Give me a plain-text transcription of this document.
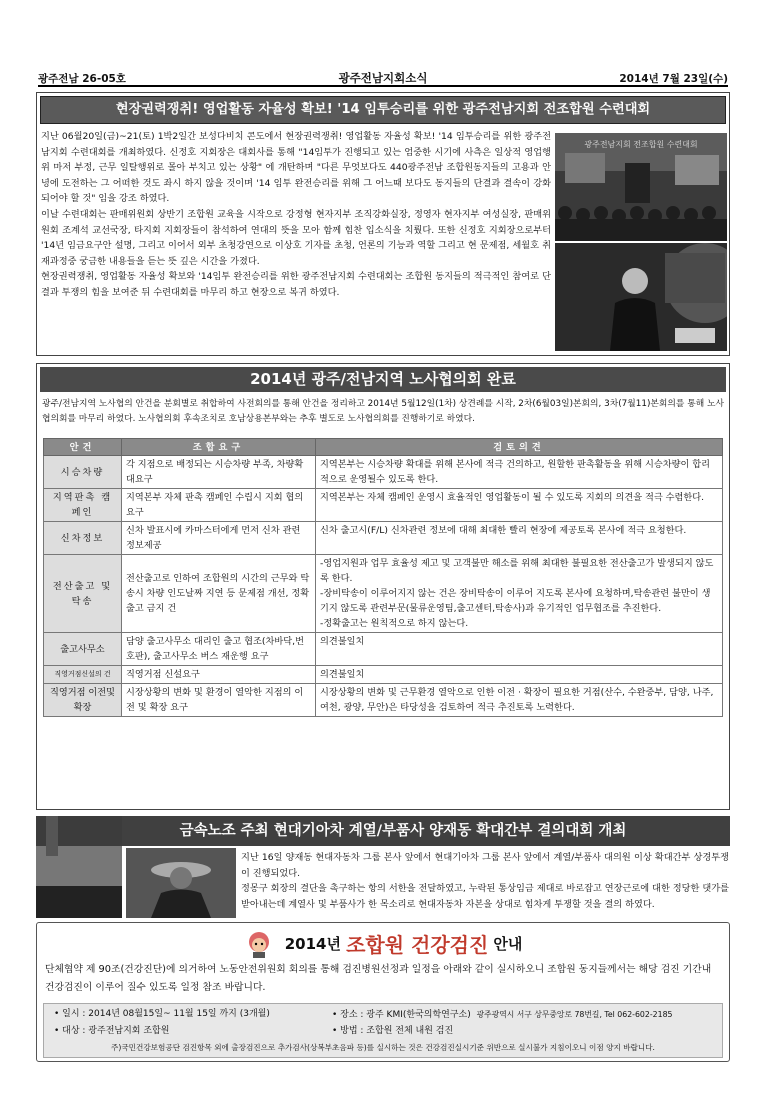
광주전남 26-05호	광주전남지회소식	2014년 7월 23일(수)
현장권력쟁취! 영업활동 자율성 확보! '14 임투승리를 위한 광주전남지회 전조합원 수련대회

지난 06월20일(금)~21(토) 1박2일간 보성다비치 콘도에서 현장권력쟁취! 영업활동 자율성 확보! '14 임투승리를 위한 광주전남지회 수련대회를 개최하였다. 신정호 지회장은 대회사를 통해 "14임투가 진행되고 있는 엄중한 시기에 사측은 일상적 영업행위 마저 부정, 근무 일탈행위로 몰아 부치고 있는 상황" 에 개탄하며 "다른 무엇보다도 440광주전남 조합원동지들의 고용과 안녕에 도전하는 그 어떠한 것도 좌시 하지 않을 것이며 '14 임투 완전승리를 위해 그 어느때 보다도 동지들의 단결과 결속이 강화 되어야 할 것" 임을 강조 하였다.

이날 수련대회는 판매위원회 상반기 조합원 교육을 시작으로 강정형 현자지부 조직강화실장, 정영자 현자지부 여성실장, 판매위원회 조계석 교선국장, 타지회 지회장들이 참석하여 연대의 뜻을 모아 함께 힘찬 입소식을 치뤘다. 또한 신정호 지회장으로부터 '14년 임금요구안 설명, 그리고 이어서 외부 초청강연으로 이상호 기자를 초청, 언론의 기능과 역할 그리고 현 문제점, 세월호 취재과정중 궁금한 내용들을 듣는 뜻 깊은 시간을 가졌다.

현장권력쟁취, 영업활동 자율성 확보와 '14임투 완전승리를 위한 광주전남지회 수련대회는 조합원 동지들의 적극적인 참여로 단결과 투쟁의 힘을 보여준 뒤 수련대회를 마무리 하고 현장으로 복귀 하였다.

광주전남지회 전조합원 수련대회
2014년 광주/전남지역 노사협의회 완료
광주/전남지역 노사협의 안건을 분회별로 취합하여 사전회의를 통해 안건을 정리하고 2014년 5월12일(1차) 상견례를 시작, 2차(6월03일)본회의, 3차(7월11)본회의를 통해 노사협의회를 마무리 하였다. 노사협의회 후속조치로 호남상용본부와는 추후 별도로 노사협의회를 진행하기로 하였다.
안건	조합요구	검토의견
시승차량	각 지점으로 배정되는 시승차량 부족, 차량확대요구	지역본부는 시승차량 확대를 위해 본사에 적극 건의하고, 원할한 판촉활동을 위해 시승차량이 합리적으로 운영될수 있도록 한다.
지역판촉 캠페인	지역본부 자체 판촉 캠페인 수립시 지회 협의 요구	지역본부는 자체 캠페인 운영시 효율적인 영업활동이 될 수 있도록 지회의 의견을 적극 수렴한다.
신차정보	신차 발표시에 카마스터에게 먼저 신차 관련 정보제공	신차 출고시(F/L) 신차관련 정보에 대해 최대한 빨리 현장에 제공토록 본사에 적극 요청한다.
전산출고 및 탁송	전산출고로 인하여 조합원의 시간의 근무와 탁송시 차량 인도날짜 지연 등 문제점 개선, 정확 출고 금지 건	-영업지원과 업무 효율성 제고 및 고객불만 해소를 위해 최대한 불필요한 전산출고가 발생되지 않도록 한다.
-장비탁송이 이루어지지 않는 건은 장비탁송이 이루어 지도록 본사에 요청하며,탁송관련 불만이 생기지 않도록 관련부문(물류운영팀,출고센터,탁송사)과 유기적인 업무협조를 추진한다.
-정확출고는 원칙적으로 하지 않는다.

출고사무소	담양 출고사무소 대리인 출고 협조(차바닥,번호판), 출고사무소 버스 재운행 요구	의견불일치
직영거점신설의 건	직영거점 신설요구	의견불일치
직영거점 이전및확장	시장상황의 변화 및 환경이 열악한 지점의 이전 및 확장 요구	시장상황의 변화 및 근무환경 열악으로 인한 이전 · 확장이 필요한 거점(산수, 수완중부, 담양, 나주, 여천, 광양, 무안)은 타당성을 검토하여 적극 추진토록 노력한다.
금속노조 주최 현대기아차 계열/부품사 양재동 확대간부 결의대회 개최

지난 16일 양재동 현대자동차 그룹 본사 앞에서 현대기아차 그룹 본사 앞에서 계열/부품사 대의원 이상 확대간부 상경투쟁이 진행되었다.

정몽구 회장의 결단을 촉구하는 항의 서한을 전달하였고, 누락된 통상임금 제대로 바로잡고 연장근로에 대한 정당한 댓가를 받아내는데 계열사 및 부품사가 한 목소리로 현대자동차 자본을 상대로 힘차게 투쟁할 것을 결의 하였다.

2014년 조합원 건강검진 안내
단체협약 제 90조(건강진단)에 의거하여 노동안전위원회 회의를 통해 검진병원선정과 일정을 아래와 같이 실시하오니 조합원 동지들께서는 해당 검진 기간내 건강검진이 이루어 질수 있도록 일정 참조 바랍니다.
• 일시 : 2014년 08월15일~ 11월 15일 까지 (3개월)	• 장소 : 광주 KMI(한국의학연구소) 광주광역시 서구 상무중앙로 78번길, Tel 062-602-2185
• 대상 : 광주전남지회 조합원	• 방법 : 조합원 전체 내원 검진
주)국민건강보험공단 검진항목 외에 출장검진으로 추가검사(상복부초음파 등)를 실시하는 것은 건강검진실시기준 위반으로 실시불가 지침이오니 이점 양지 바랍니다.
